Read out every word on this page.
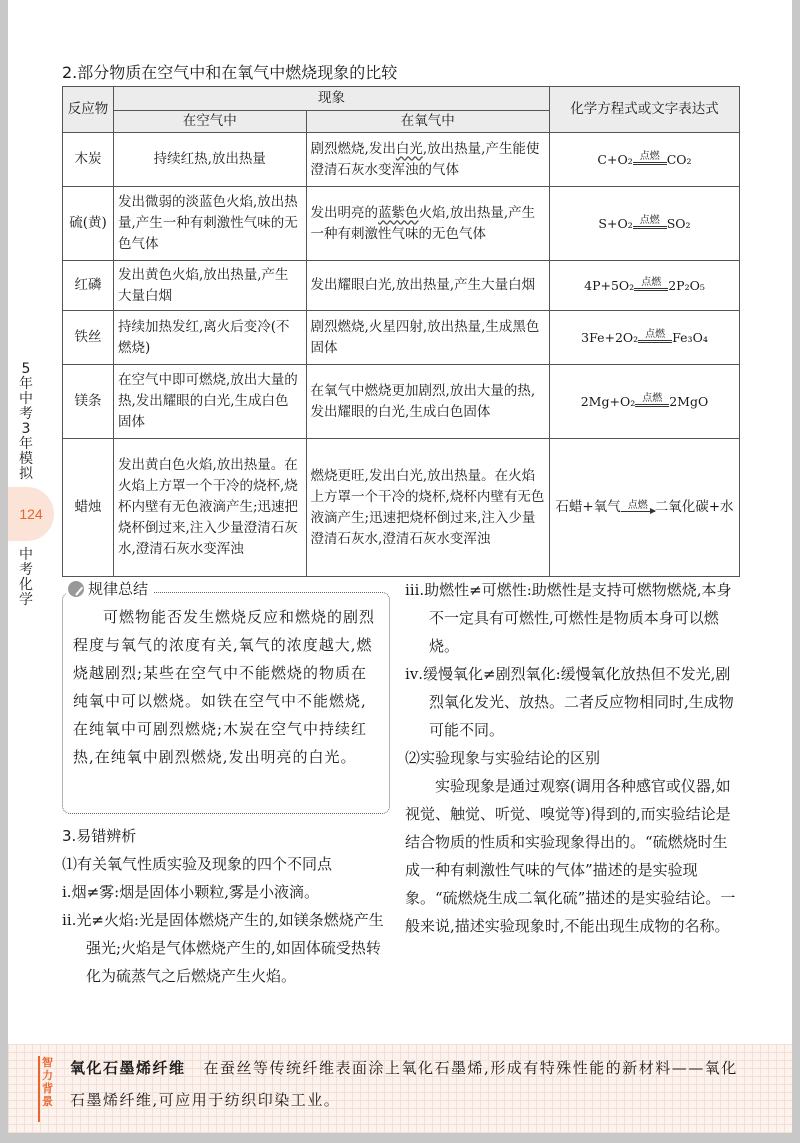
5
年
中
考
3
年
模
拟
124
中
考
化
学
2.部分物质在空气中和在氧气中燃烧现象的比较
反应物	现象		化学方程式或文字表达式
	在空气中	在氧气中	
木炭	持续红热,放出热量	剧烈燃烧,发出白光,放出热量,产生能使澄清石灰水变浑浊的气体	C+O₂ 点燃 CO₂
硫(黄)	发出微弱的淡蓝色火焰,放出热量,产生一种有刺激性气味的无色气体	发出明亮的蓝紫色火焰,放出热量,产生一种有刺激性气味的无色气体	S+O₂ 点燃 SO₂
红磷	发出黄色火焰,放出热量,产生大量白烟	发出耀眼白光,放出热量,产生大量白烟	4P+5O₂ 点燃 2P₂O₅
铁丝	持续加热发红,离火后变冷(不燃烧)	剧烈燃烧,火星四射,放出热量,生成黑色固体	3Fe+2O₂ 点燃 Fe₃O₄
镁条	在空气中即可燃烧,放出大量的热,发出耀眼的白光,生成白色固体	在氧气中燃烧更加剧烈,放出大量的热,发出耀眼的白光,生成白色固体	2Mg+O₂ 点燃 2MgO
蜡烛	发出黄白色火焰,放出热量。在火焰上方罩一个干冷的烧杯,烧杯内壁有无色液滴产生;迅速把烧杯倒过来,注入少量澄清石灰水,澄清石灰水变浑浊	燃烧更旺,发出白光,放出热量。在火焰上方罩一个干冷的烧杯,烧杯内壁有无色液滴产生;迅速把烧杯倒过来,注入少量澄清石灰水,澄清石灰水变浑浊	石蜡+氧气 点燃 二氧化碳+水

可燃物能否发生燃烧反应和燃烧的剧烈程度与氧气的浓度有关,氧气的浓度越大,燃烧越剧烈;某些在空气中不能燃烧的物质在纯氧中可以燃烧。如铁在空气中不能燃烧,在纯氧中可剧烈燃烧;木炭在空气中持续红热,在纯氧中剧烈燃烧,发出明亮的白光。

规律总结
3.易错辨析
⑴有关氧气性质实验及现象的四个不同点
ⅰ.烟≠雾:烟是固体小颗粒,雾是小液滴。
ⅱ.光≠火焰:光是固体燃烧产生的,如镁条燃烧产生强光;火焰是气体燃烧产生的,如固体硫受热转化为硫蒸气之后燃烧产生火焰。
ⅲ.助燃性≠可燃性:助燃性是支持可燃物燃烧,本身不一定具有可燃性,可燃性是物质本身可以燃烧。
ⅳ.缓慢氧化≠剧烈氧化:缓慢氧化放热但不发光,剧烈氧化发光、放热。二者反应物相同时,生成物可能不同。
⑵实验现象与实验结论的区别
实验现象是通过观察(调用各种感官或仪器,如视觉、触觉、听觉、嗅觉等)得到的,而实验结论是结合物质的性质和实验现象得出的。“硫燃烧时生成一种有刺激性气味的气体”描述的是实验现象。“硫燃烧生成二氧化硫”描述的是实验结论。一般来说,描述实验现象时,不能出现生成物的名称。
智力背景
氧化石墨烯纤维 在蚕丝等传统纤维表面涂上氧化石墨烯,形成有特殊性能的新材料——氧化石墨烯纤维,可应用于纺织印染工业。
